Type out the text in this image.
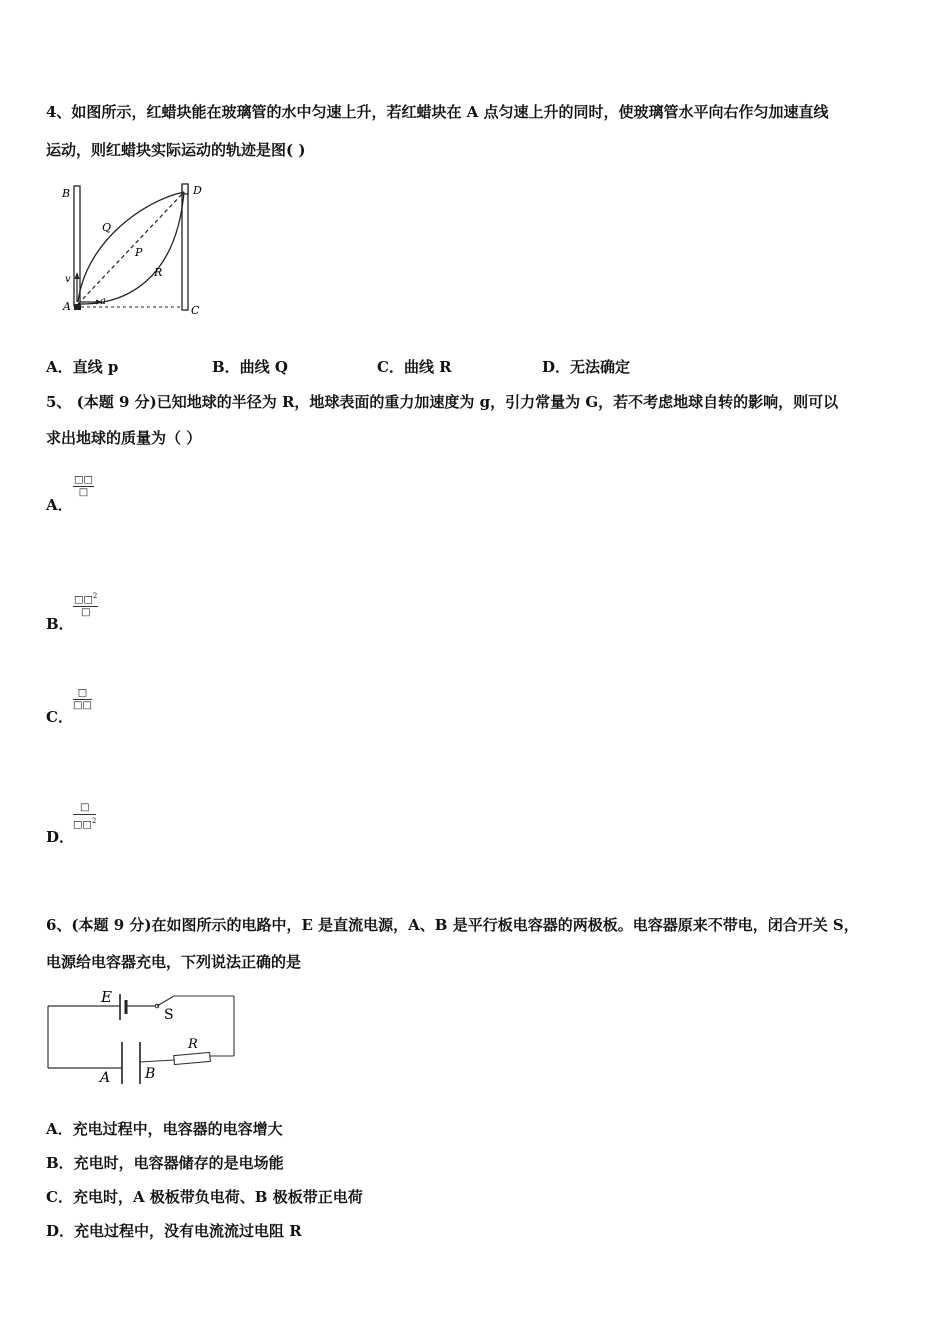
4、如图所示，红蜡块能在玻璃管的水中匀速上升，若红蜡块在 A 点匀速上升的同时，使玻璃管水平向右作匀加速直线
运动，则红蜡块实际运动的轨迹是图( )
B	D
Q
P
R
v
A	a
C
A．直线 p	B．曲线 Q	C．曲线 R	D．无法确定
5、 (本题 9 分)已知地球的半径为 R，地球表面的重力加速度为 g，引力常量为 G，若不考虑地球自转的影响，则可以
求出地球的质量为（ ）
□□
□
A．
□□$^2$
□
B．
□
□□
C．
□
□□$^2$
D．
6、(本题 9 分)在如图所示的电路中，E 是直流电源，A、B 是平行板电容器的两极板。电容器原来不带电，闭合开关 S，
电源给电容器充电，下列说法正确的是
E
S
R
A B
A．充电过程中，电容器的电容增大
B．充电时，电容器储存的是电场能
C．充电时，A 极板带负电荷、B 极板带正电荷
D．充电过程中，没有电流流过电阻 R
